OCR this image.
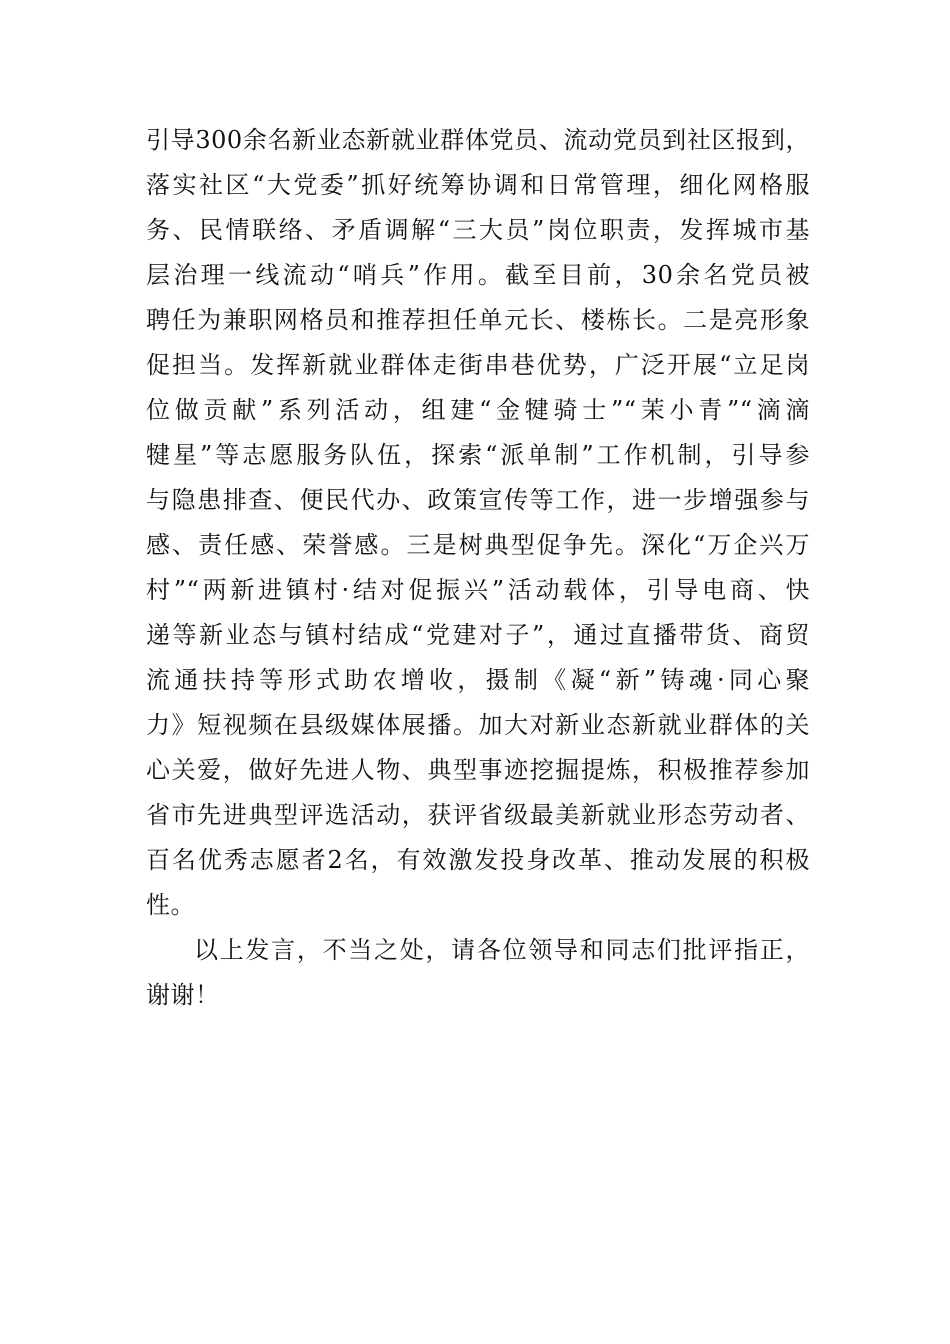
引导300余名新业态新就业群体党员、流动党员到社区报到，
落实社区“大党委”抓好统筹协调和日常管理，细化网格服
务、民情联络、矛盾调解“三大员”岗位职责，发挥城市基
层治理一线流动“哨兵”作用。截至目前，30余名党员被
聘任为兼职网格员和推荐担任单元长、楼栋长。二是亮形象
促担当。发挥新就业群体走街串巷优势，广泛开展“立足岗
位做贡献”系列活动，组建“金犍骑士”“茉小青”“滴滴
犍星”等志愿服务队伍，探索“派单制”工作机制，引导参
与隐患排查、便民代办、政策宣传等工作，进一步增强参与
感、责任感、荣誉感。三是树典型促争先。深化“万企兴万
村”“两新进镇村·结对促振兴”活动载体，引导电商、快
递等新业态与镇村结成“党建对子”，通过直播带货、商贸
流通扶持等形式助农增收，摄制《凝“新”铸魂·同心聚
力》短视频在县级媒体展播。加大对新业态新就业群体的关
心关爱，做好先进人物、典型事迹挖掘提炼，积极推荐参加
省市先进典型评选活动，获评省级最美新就业形态劳动者、
百名优秀志愿者2名，有效激发投身改革、推动发展的积极
性。
以上发言，不当之处，请各位领导和同志们批评指正，
谢谢！
